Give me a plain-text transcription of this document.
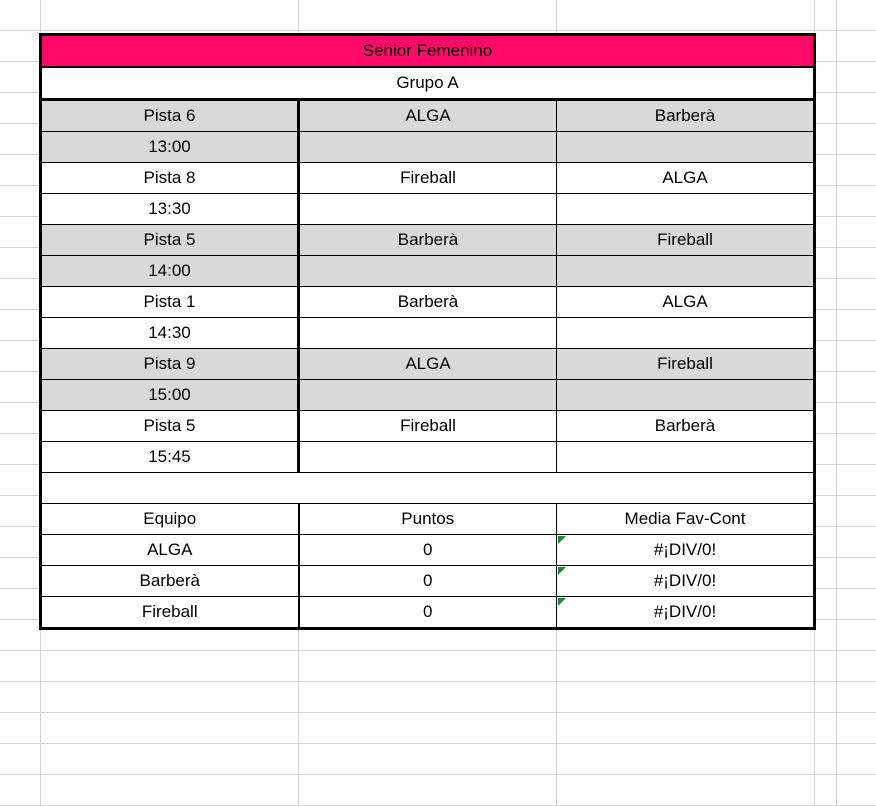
Senior Femenino		
Grupo A		
Pista 6	ALGA	Barberà
13:00		
Pista 8	Fireball	ALGA
13:30		
Pista 5	Barberà	Fireball
14:00		
Pista 1	Barberà	ALGA
14:30		
Pista 9	ALGA	Fireball
15:00		
Pista 5	Fireball	Barberà
15:45		

Equipo	Puntos	Media Fav-Cont
ALGA	0	#¡DIV/0!
Barberà	0	#¡DIV/0!
Fireball	0	#¡DIV/0!
